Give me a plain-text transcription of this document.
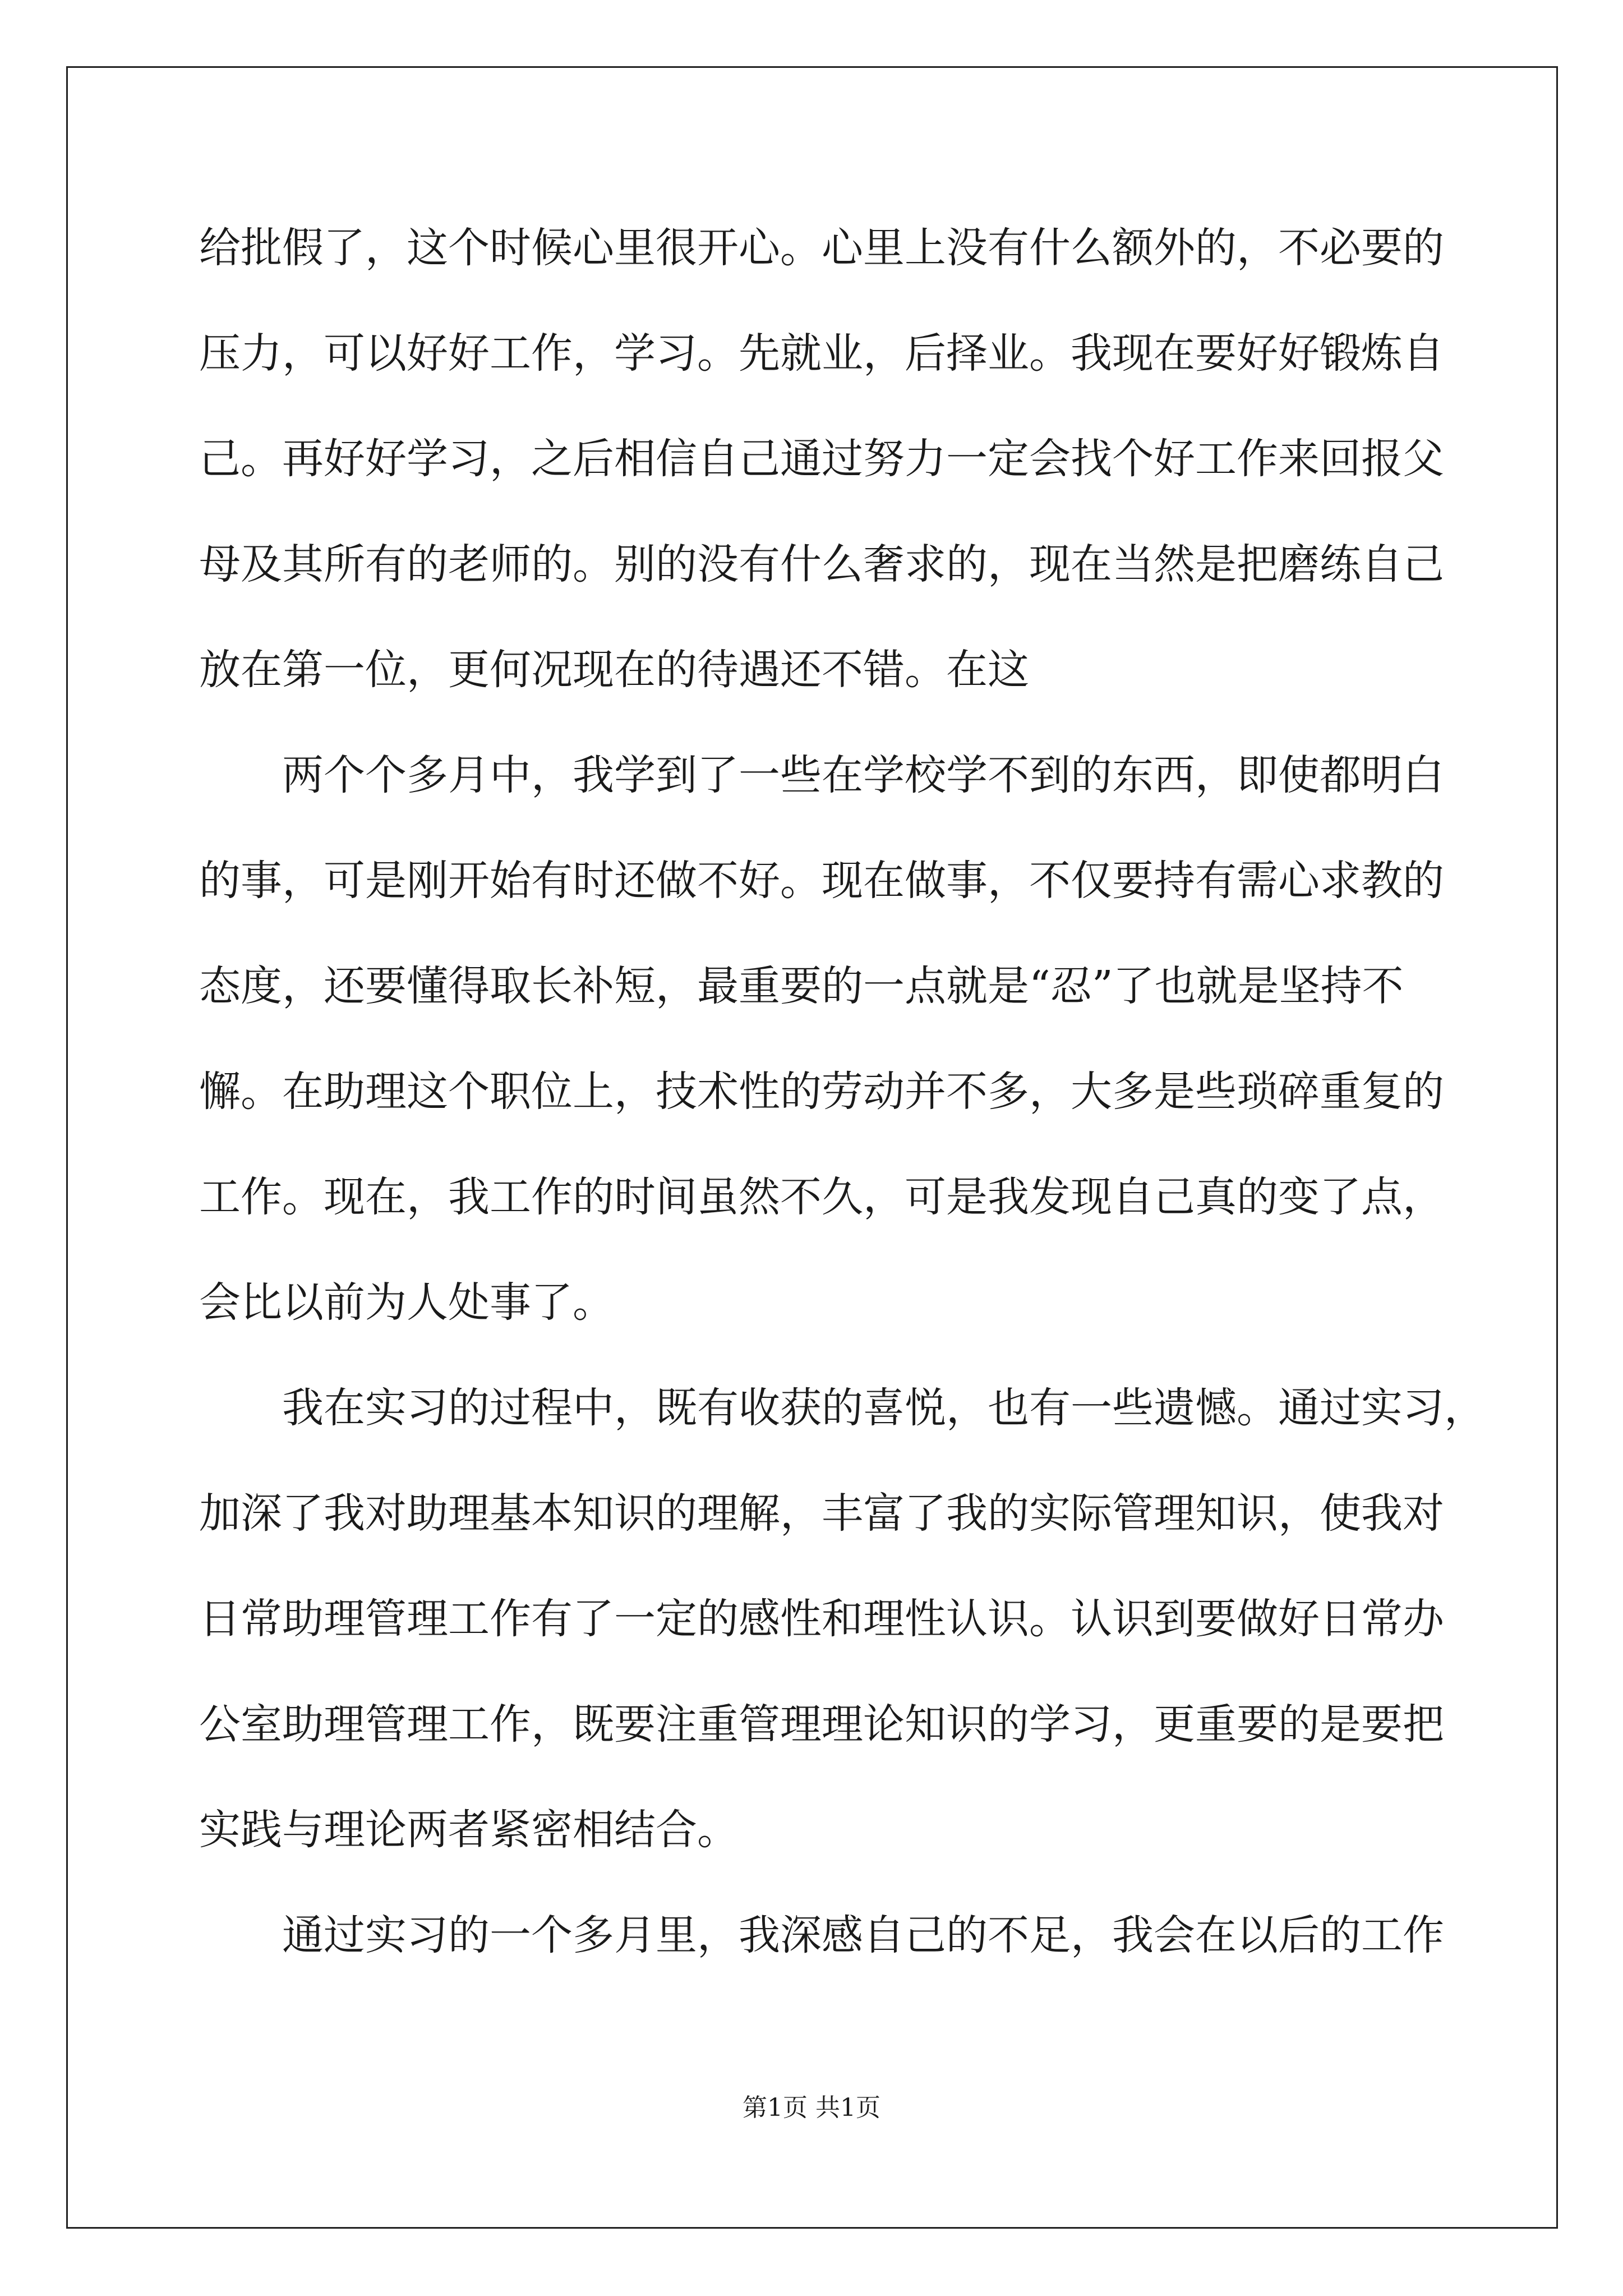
给批假了，这个时候心里很开心。心里上没有什么额外的，不必要的
压力，可以好好工作，学习。先就业，后择业。我现在要好好锻炼自
己。再好好学习，之后相信自己通过努力一定会找个好工作来回报父
母及其所有的老师的。别的没有什么奢求的，现在当然是把磨练自己
放在第一位，更何况现在的待遇还不错。在这
两个个多月中，我学到了一些在学校学不到的东西，即使都明白
的事，可是刚开始有时还做不好。现在做事，不仅要持有需心求教的
态度，还要懂得取长补短，最重要的一点就是“忍”了也就是坚持不
懈。在助理这个职位上，技术性的劳动并不多，大多是些琐碎重复的
工作。现在，我工作的时间虽然不久，可是我发现自己真的变了点，
会比以前为人处事了。
我在实习的过程中，既有收获的喜悦，也有一些遗憾。通过实习，
加深了我对助理基本知识的理解，丰富了我的实际管理知识，使我对
日常助理管理工作有了一定的感性和理性认识。认识到要做好日常办
公室助理管理工作，既要注重管理理论知识的学习，更重要的是要把
实践与理论两者紧密相结合。
通过实习的一个多月里，我深感自己的不足，我会在以后的工作
第1页 共1页
